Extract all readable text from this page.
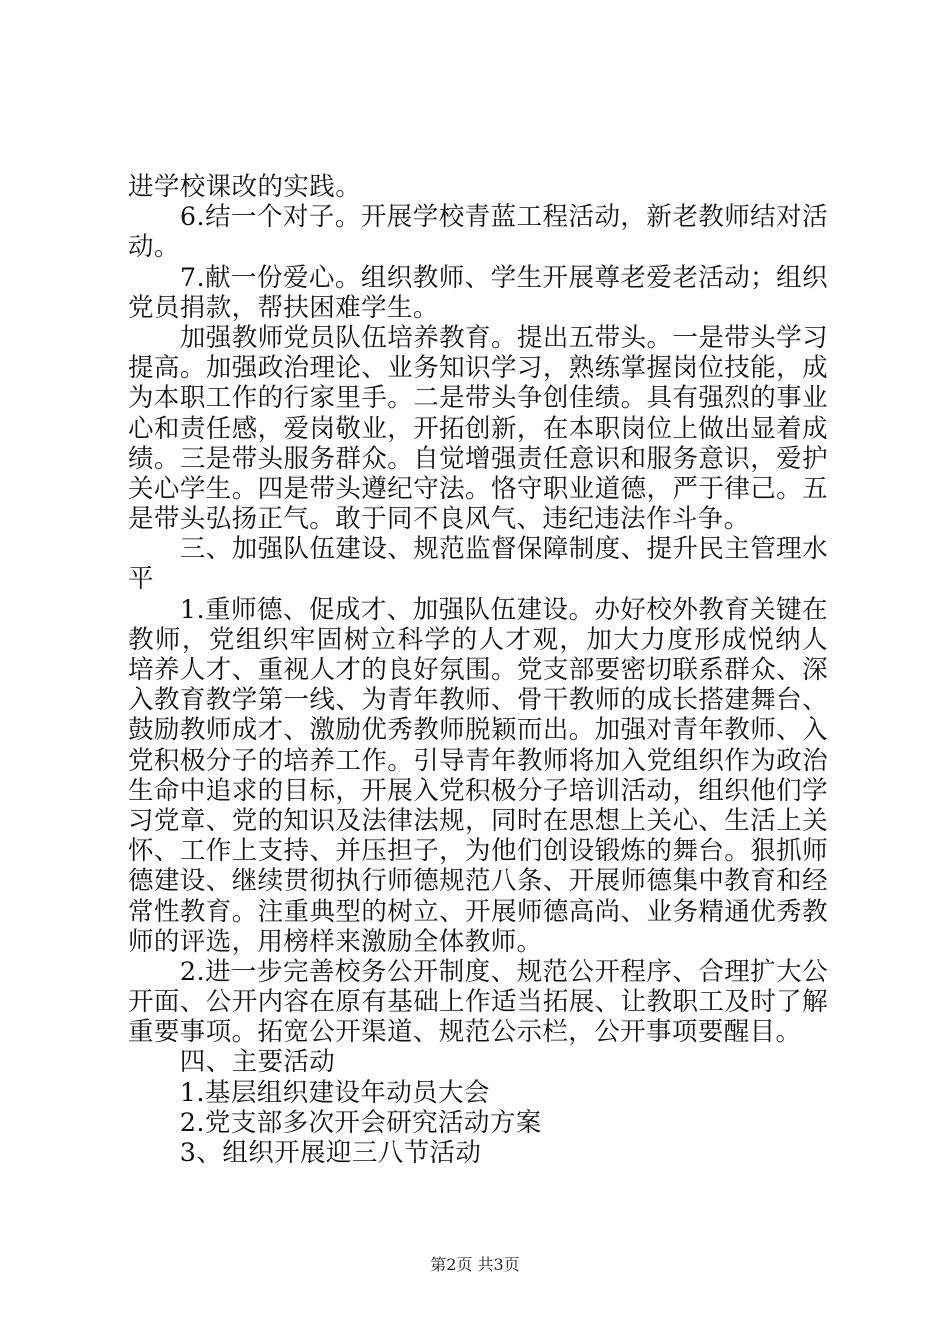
进学校课改的实践。
　　6.结一个对子。开展学校青蓝工程活动，新老教师结对活
动。
　　7.献一份爱心。组织教师、学生开展尊老爱老活动；组织
党员捐款，帮扶困难学生。
　　加强教师党员队伍培养教育。提出五带头。一是带头学习
提高。加强政治理论、业务知识学习，熟练掌握岗位技能，成
为本职工作的行家里手。二是带头争创佳绩。具有强烈的事业
心和责任感，爱岗敬业，开拓创新，在本职岗位上做出显着成
绩。三是带头服务群众。自觉增强责任意识和服务意识，爱护
关心学生。四是带头遵纪守法。恪守职业道德，严于律己。五
是带头弘扬正气。敢于同不良风气、违纪违法作斗争。
　　三、加强队伍建设、规范监督保障制度、提升民主管理水
平
　　1.重师德、促成才、加强队伍建设。办好校外教育关键在
教师，党组织牢固树立科学的人才观，加大力度形成悦纳人
培养人才、重视人才的良好氛围。党支部要密切联系群众、深
入教育教学第一线、为青年教师、骨干教师的成长搭建舞台、
鼓励教师成才、激励优秀教师脱颖而出。加强对青年教师、入
党积极分子的培养工作。引导青年教师将加入党组织作为政治
生命中追求的目标，开展入党积极分子培训活动，组织他们学
习党章、党的知识及法律法规，同时在思想上关心、生活上关
怀、工作上支持、并压担子，为他们创设锻炼的舞台。狠抓师
德建设、继续贯彻执行师德规范八条、开展师德集中教育和经
常性教育。注重典型的树立、开展师德高尚、业务精通优秀教
师的评选，用榜样来激励全体教师。
　　2.进一步完善校务公开制度、规范公开程序、合理扩大公
开面、公开内容在原有基础上作适当拓展、让教职工及时了解
重要事项。拓宽公开渠道、规范公示栏，公开事项要醒目。
　　四、主要活动
　　1.基层组织建设年动员大会
　　2.党支部多次开会研究活动方案
　　3、组织开展迎三八节活动
第2页 共3页
